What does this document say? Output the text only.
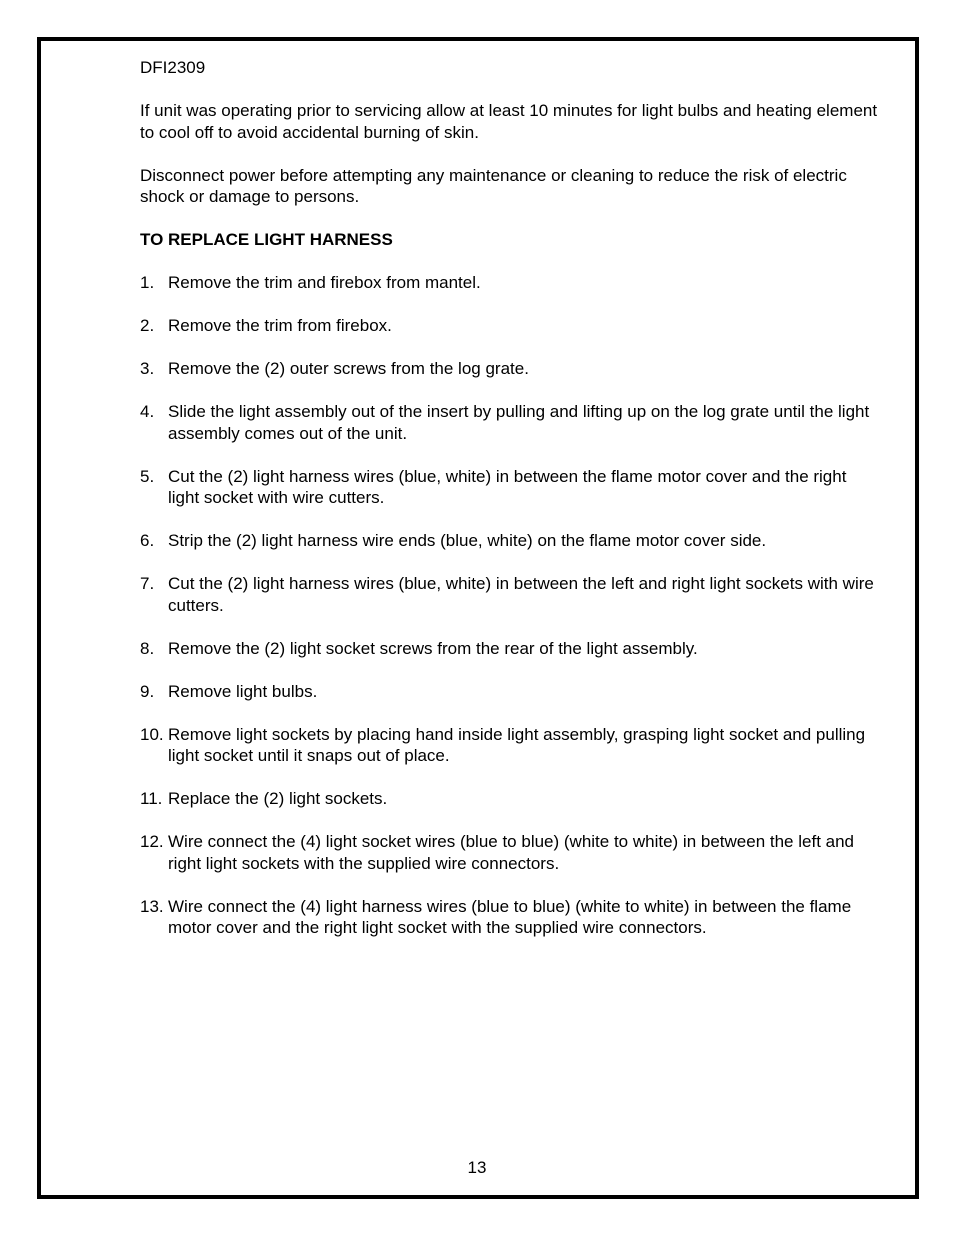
DFI2309

If unit was operating prior to servicing allow at least 10 minutes for light bulbs and heating element to cool off to avoid accidental burning of skin.

Disconnect power before attempting any maintenance or cleaning to reduce the risk of electric shock or damage to persons.

TO REPLACE LIGHT HARNESS
1. Remove the trim and firebox from mantel.
2. Remove the trim from firebox.
3. Remove the (2) outer screws from the log grate.
4. Slide the light assembly out of the insert by pulling and lifting up on the log grate until the light assembly comes out of the unit.
5. Cut the (2) light harness wires (blue, white) in between the flame motor cover and the right light socket with wire cutters.
6. Strip the (2) light harness wire ends (blue, white) on the flame motor cover side.
7. Cut the (2) light harness wires (blue, white) in between the left and right light sockets with wire cutters.
8. Remove the (2) light socket screws from the rear of the light assembly.
9. Remove light bulbs.
10. Remove light sockets by placing hand inside light assembly, grasping light socket and pulling light socket until it snaps out of place.
11. Replace the (2) light sockets.
12. Wire connect the (4) light socket wires (blue to blue) (white to white) in between the left and right light sockets with the supplied wire connectors.
13. Wire connect the (4) light harness wires (blue to blue) (white to white) in between the flame motor cover and the right light socket with the supplied wire connectors.
13
